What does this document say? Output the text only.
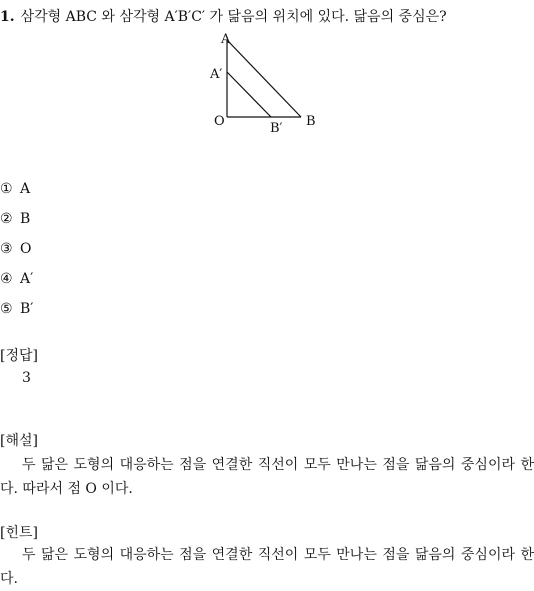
1. 삼각형 ABC 와 삼각형 A′B′C′ 가 닮음의 위치에 있다. 닮음의 중심은?
A
A′
O	B′ B
① A
② B
③ O
④ A′
⑤ B′
[정답]
3
[해설]
두 닮은 도형의 대응하는 점을 연결한 직선이 모두 만나는 점을 닮음의 중심이라 한다. 따라서 점 O 이다.
[힌트]
두 닮은 도형의 대응하는 점을 연결한 직선이 모두 만나는 점을 닮음의 중심이라 한다.
